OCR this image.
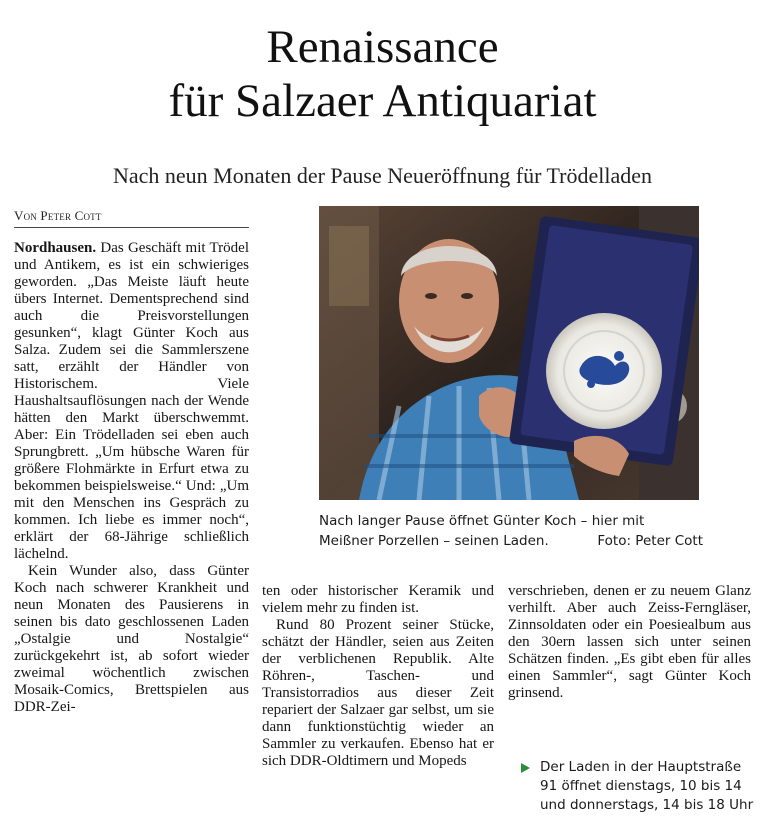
Renaissance
für Salzaer Antiquariat
Nach neun Monaten der Pause Neueröffnung für Trödelladen
Von Peter Cott

Nordhausen. Das Geschäft mit Trödel und Antikem, es ist ein schwieriges geworden. „Das Meiste läuft heute übers Internet. Dementsprechend sind auch die Preisvorstellungen gesunken“, klagt Günter Koch aus Salza. Zudem sei die Sammlerszene satt, erzählt der Händler von Historischem. Viele Haushaltsauflösungen nach der Wende hätten den Markt überschwemmt. Aber: Ein Trödelladen sei eben auch Sprungbrett. „Um hübsche Waren für größere Flohmärkte in Erfurt etwa zu bekommen beispielsweise.“ Und: „Um mit den Menschen ins Gespräch zu kommen. Ich liebe es immer noch“, erklärt der 68-Jährige schließlich lächelnd.

Kein Wunder also, dass Günter Koch nach schwerer Krankheit und neun Monaten des Pausierens in seinen bis dato geschlossenen Laden „Ostalgie und Nostalgie“ zurückgekehrt ist, ab sofort wieder zweimal wöchentlich zwischen Mosaik-Comics, Brettspielen aus DDR-Zei-

Nach langer Pause öffnet Günter Koch – hier mit
Meißner Porzellen – seinen Laden.	Foto: Peter Cott

ten oder historischer Keramik und vielem mehr zu finden ist.

Rund 80 Prozent seiner Stücke, schätzt der Händler, seien aus Zeiten der verblichenen Republik. Alte Röhren-, Taschen- und Transistorradios aus dieser Zeit repariert der Salzaer gar selbst, um sie dann funktionstüchtig wieder an Sammler zu verkaufen. Ebenso hat er sich DDR-Oldtimern und Mopeds

verschrieben, denen er zu neuem Glanz verhilft. Aber auch Zeiss-Ferngläser, Zinnsoldaten oder ein Poesiealbum aus den 30ern lassen sich unter seinen Schätzen finden. „Es gibt eben für alles einen Sammler“, sagt Günter Koch grinsend.

Der Laden in der Hauptstraße 91 öffnet dienstags, 10 bis 14 und donnerstags, 14 bis 18 Uhr
